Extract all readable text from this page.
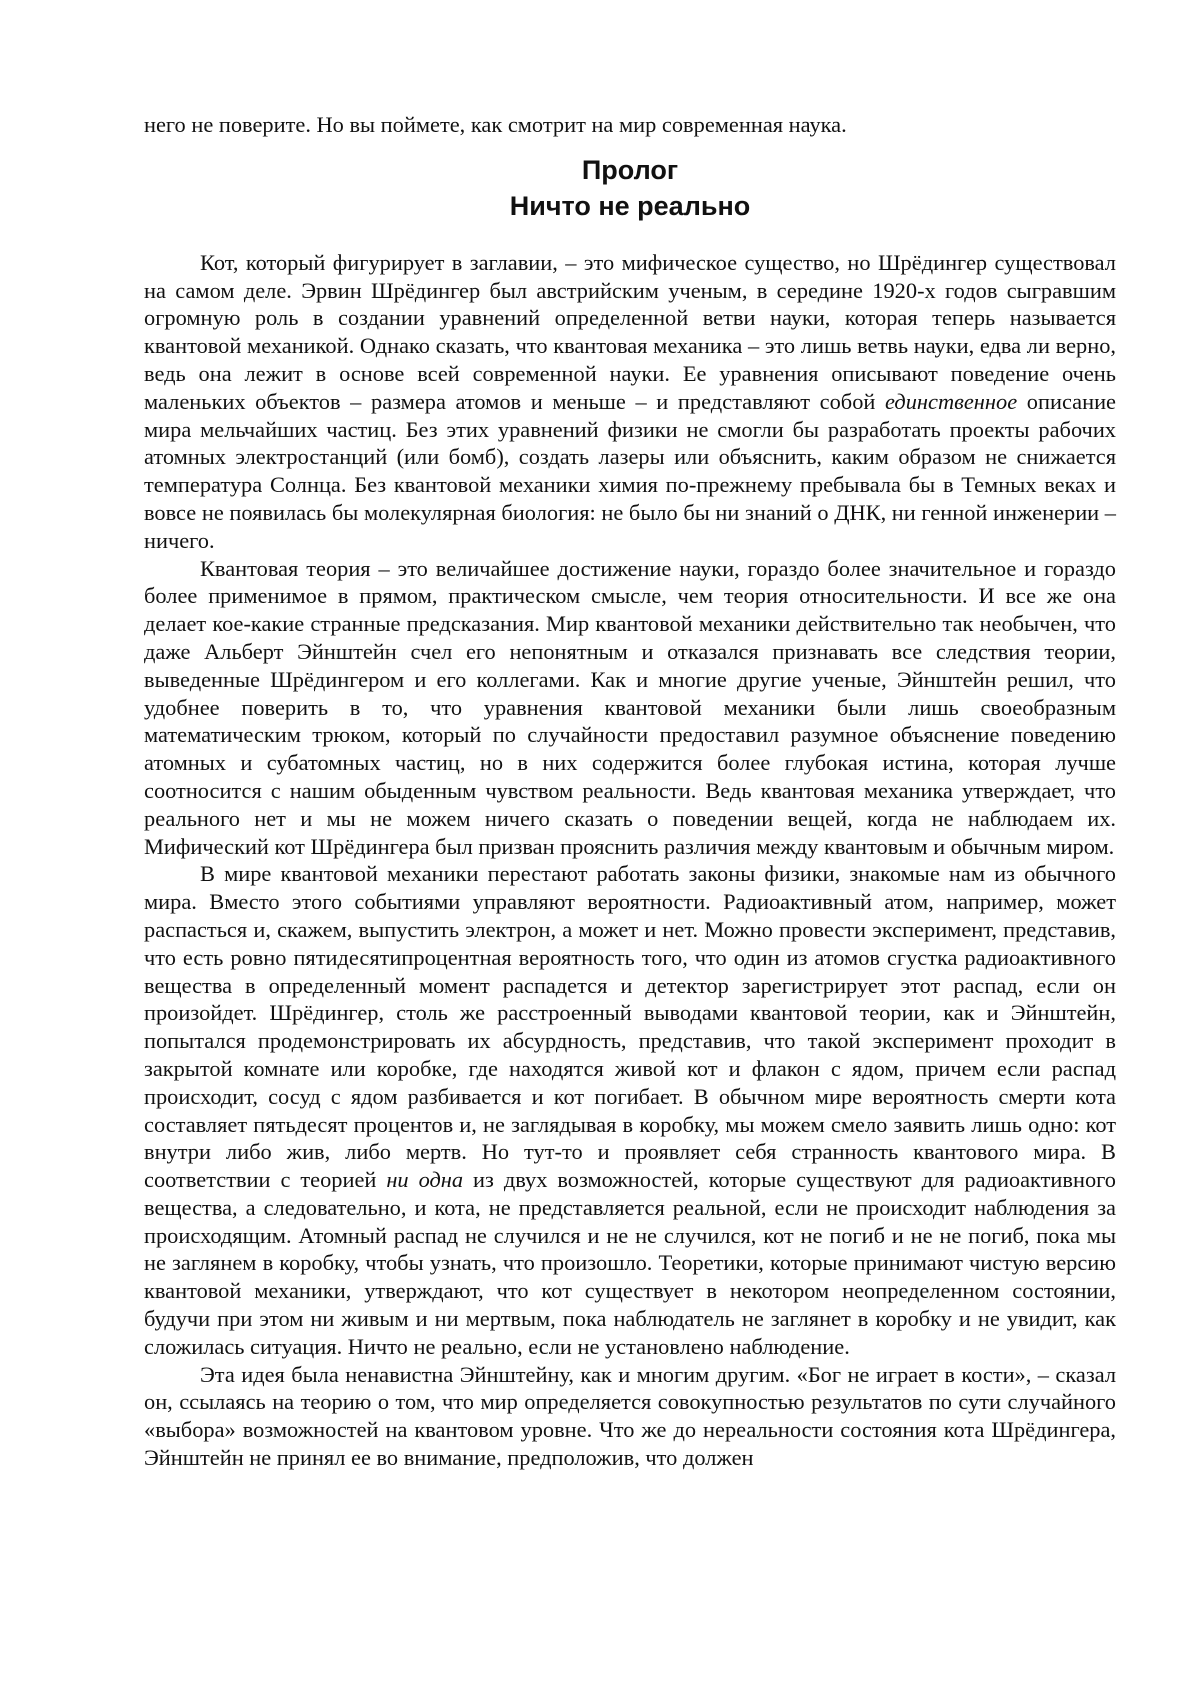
него не поверите. Но вы поймете, как смотрит на мир современная наука.

Пролог
Ничто не реально

Кот, который фигурирует в заглавии, – это мифическое существо, но Шрёдингер существовал на самом деле. Эрвин Шрёдингер был австрийским ученым, в середине 1920-х годов сыгравшим огромную роль в создании уравнений определенной ветви науки, которая теперь называется квантовой механикой. Однако сказать, что квантовая механика – это лишь ветвь науки, едва ли верно, ведь она лежит в основе всей современной науки. Ее уравнения описывают поведение очень маленьких объектов – размера атомов и меньше – и представляют собой единственное описание мира мельчайших частиц. Без этих уравнений физики не смогли бы разработать проекты рабочих атомных электростанций (или бомб), создать лазеры или объяснить, каким образом не снижается температура Солнца. Без квантовой механики химия по-прежнему пребывала бы в Темных веках и вовсе не появилась бы молекулярная биология: не было бы ни знаний о ДНК, ни генной инженерии – ничего.

Квантовая теория – это величайшее достижение науки, гораздо более значительное и гораздо более применимое в прямом, практическом смысле, чем теория относительности. И все же она делает кое-какие странные предсказания. Мир квантовой механики действительно так необычен, что даже Альберт Эйнштейн счел его непонятным и отказался признавать все следствия теории, выведенные Шрёдингером и его коллегами. Как и многие другие ученые, Эйнштейн решил, что удобнее поверить в то, что уравнения квантовой механики были лишь своеобразным математическим трюком, который по случайности предоставил разумное объяснение поведению атомных и субатомных частиц, но в них содержится более глубокая истина, которая лучше соотносится с нашим обыденным чувством реальности. Ведь квантовая механика утверждает, что реального нет и мы не можем ничего сказать о поведении вещей, когда не наблюдаем их. Мифический кот Шрёдингера был призван прояснить различия между квантовым и обычным миром.

В мире квантовой механики перестают работать законы физики, знакомые нам из обычного мира. Вместо этого событиями управляют вероятности. Радиоактивный атом, например, может распасться и, скажем, выпустить электрон, а может и нет. Можно провести эксперимент, представив, что есть ровно пятидесятипроцентная вероятность того, что один из атомов сгустка радиоактивного вещества в определенный момент распадется и детектор зарегистрирует этот распад, если он произойдет. Шрёдингер, столь же расстроенный выводами квантовой теории, как и Эйнштейн, попытался продемонстрировать их абсурдность, представив, что такой эксперимент проходит в закрытой комнате или коробке, где находятся живой кот и флакон с ядом, причем если распад происходит, сосуд с ядом разбивается и кот погибает. В обычном мире вероятность смерти кота составляет пятьдесят процентов и, не заглядывая в коробку, мы можем смело заявить лишь одно: кот внутри либо жив, либо мертв. Но тут-то и проявляет себя странность квантового мира. В соответствии с теорией ни одна из двух возможностей, которые существуют для радиоактивного вещества, а следовательно, и кота, не представляется реальной, если не происходит наблюдения за происходящим. Атомный распад не случился и не не случился, кот не погиб и не не погиб, пока мы не заглянем в коробку, чтобы узнать, что произошло. Теоретики, которые принимают чистую версию квантовой механики, утверждают, что кот существует в некотором неопределенном состоянии, будучи при этом ни живым и ни мертвым, пока наблюдатель не заглянет в коробку и не увидит, как сложилась ситуация. Ничто не реально, если не установлено наблюдение.

Эта идея была ненавистна Эйнштейну, как и многим другим. «Бог не играет в кости», – сказал он, ссылаясь на теорию о том, что мир определяется совокупностью результатов по сути случайного «выбора» возможностей на квантовом уровне. Что же до нереальности состояния кота Шрёдингера, Эйнштейн не принял ее во внимание, предположив, что должен
